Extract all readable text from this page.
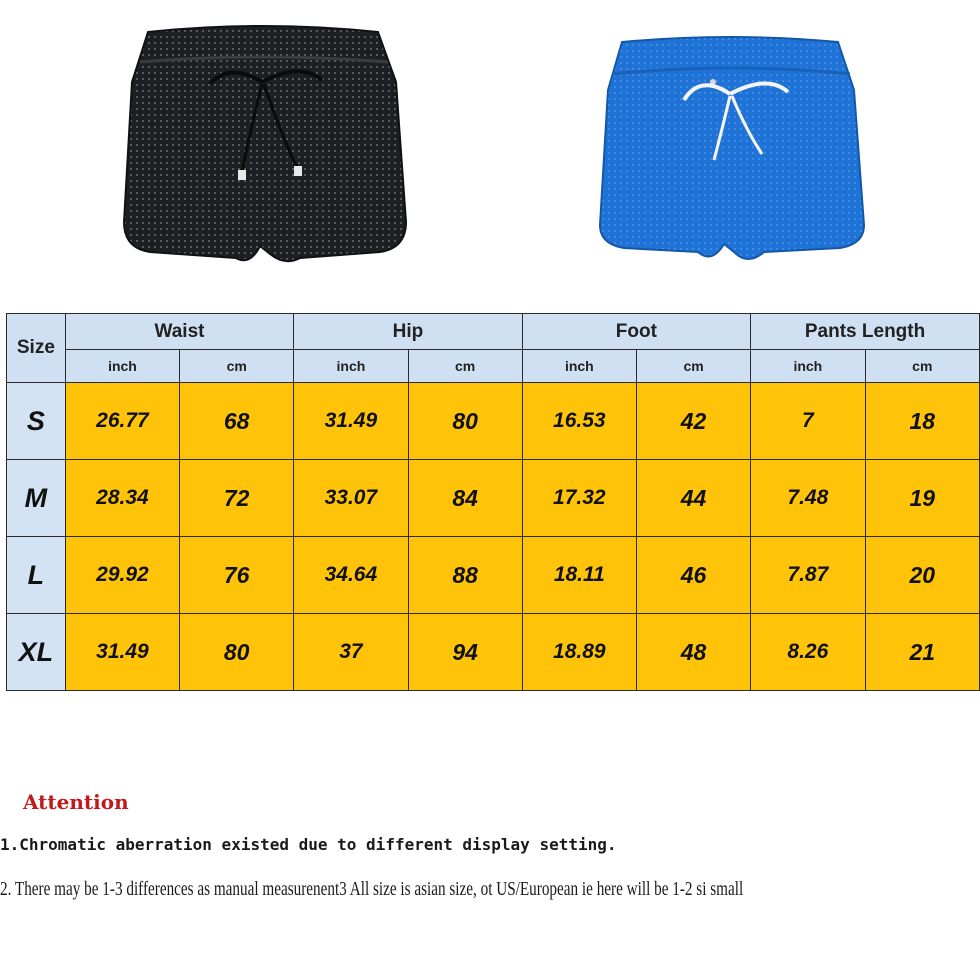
Size	Waist		Hip		Foot		Pants Length	
	inch	cm	inch	cm	inch	cm	inch	cm
S	26.77	68	31.49	80	16.53	42	7	18
M	28.34	72	33.07	84	17.32	44	7.48	19
L	29.92	76	34.64	88	18.11	46	7.87	20
XL	31.49	80	37	94	18.89	48	8.26	21

Attention

1.Chromatic aberration existed due to different display setting.

2. There may be 1-3 differences as manual measurenent3 All size is asian size, ot US/European ie here will be 1-2 si small
